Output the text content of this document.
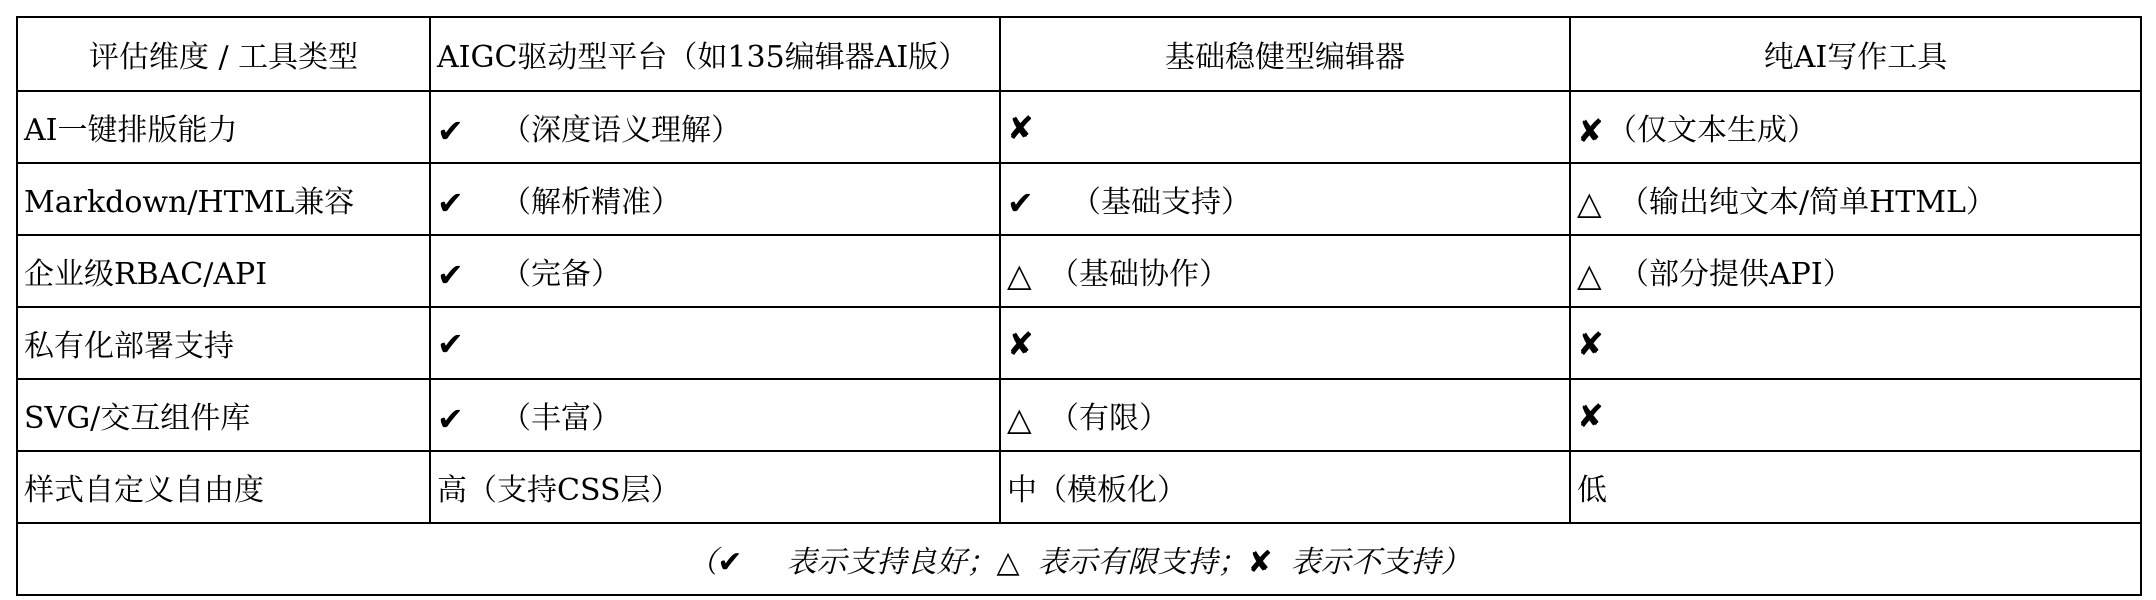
评估维度 / 工具类型	AIGC驱动型平台（如135编辑器AI版）	基础稳健型编辑器	纯AI写作工具
AI一键排版能力	✔ （深度语义理解）	✘	✘ （仅文本生成）
Markdown/HTML兼容	✔ （解析精准）	✔ （基础支持）	△ （输出纯文本/简单HTML）
企业级RBAC/API	✔ （完备）	△ （基础协作）	△ （部分提供API）
私有化部署支持	✔	✘	✘
SVG/交互组件库	✔ （丰富）	△ （有限）	✘
样式自定义自由度	高（支持CSS层）	中（模板化）	低
（✔ 表示支持良好；△ 表示有限支持；✘ 表示不支持）			
